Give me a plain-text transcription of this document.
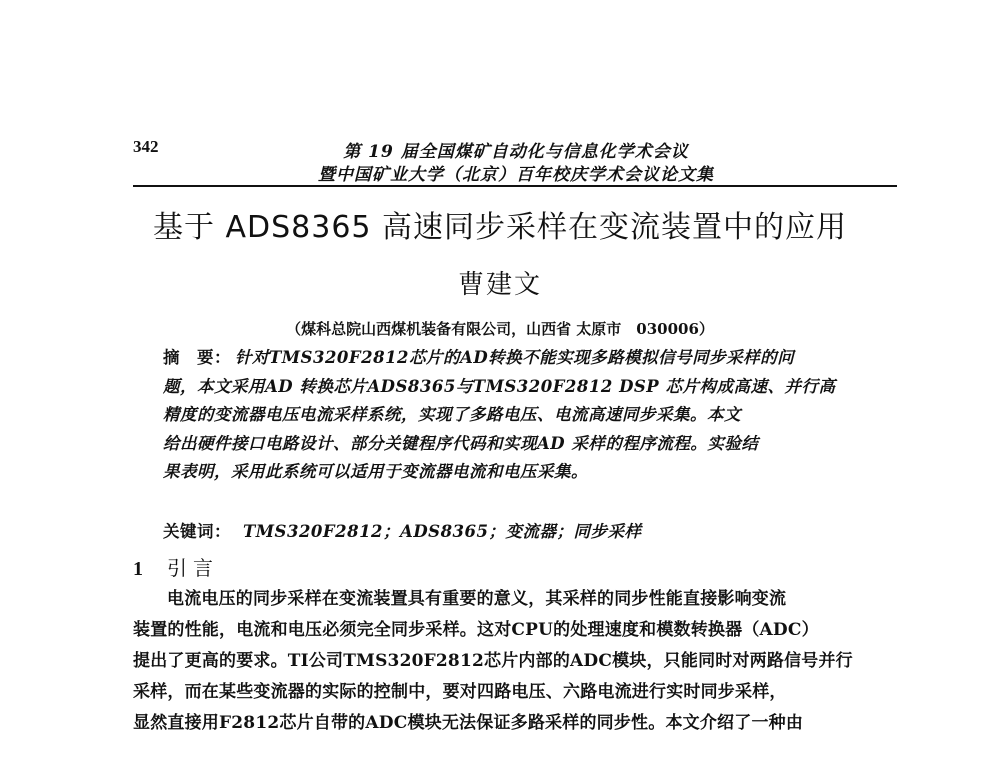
342	第 19 届全国煤矿自动化与信息化学术会议
暨中国矿业大学（北京）百年校庆学术会议论文集
基于 ADS8365 高速同步采样在变流装置中的应用
曹建文
（煤科总院山西煤机装备有限公司，山西省 太原市　030006）
摘　要： 针对TMS320F2812芯片的AD转换不能实现多路模拟信号同步采样的问
题，本文采用AD 转换芯片ADS8365与TMS320F2812 DSP 芯片构成高速、并行高
精度的变流器电压电流采样系统，实现了多路电压、电流高速同步采集。本文
给出硬件接口电路设计、部分关键程序代码和实现AD 采样的程序流程。实验结
果表明，采用此系统可以适用于变流器电流和电压采集。
关键词： TMS320F2812；ADS8365；变流器；同步采样
1 引言
电流电压的同步采样在变流装置具有重要的意义，其采样的同步性能直接影响变流
装置的性能，电流和电压必须完全同步采样。这对CPU的处理速度和模数转换器（ADC）
提出了更高的要求。TI公司TMS320F2812芯片内部的ADC模块，只能同时对两路信号并行
采样，而在某些变流器的实际的控制中，要对四路电压、六路电流进行实时同步采样，
显然直接用F2812芯片自带的ADC模块无法保证多路采样的同步性。本文介绍了一种由
